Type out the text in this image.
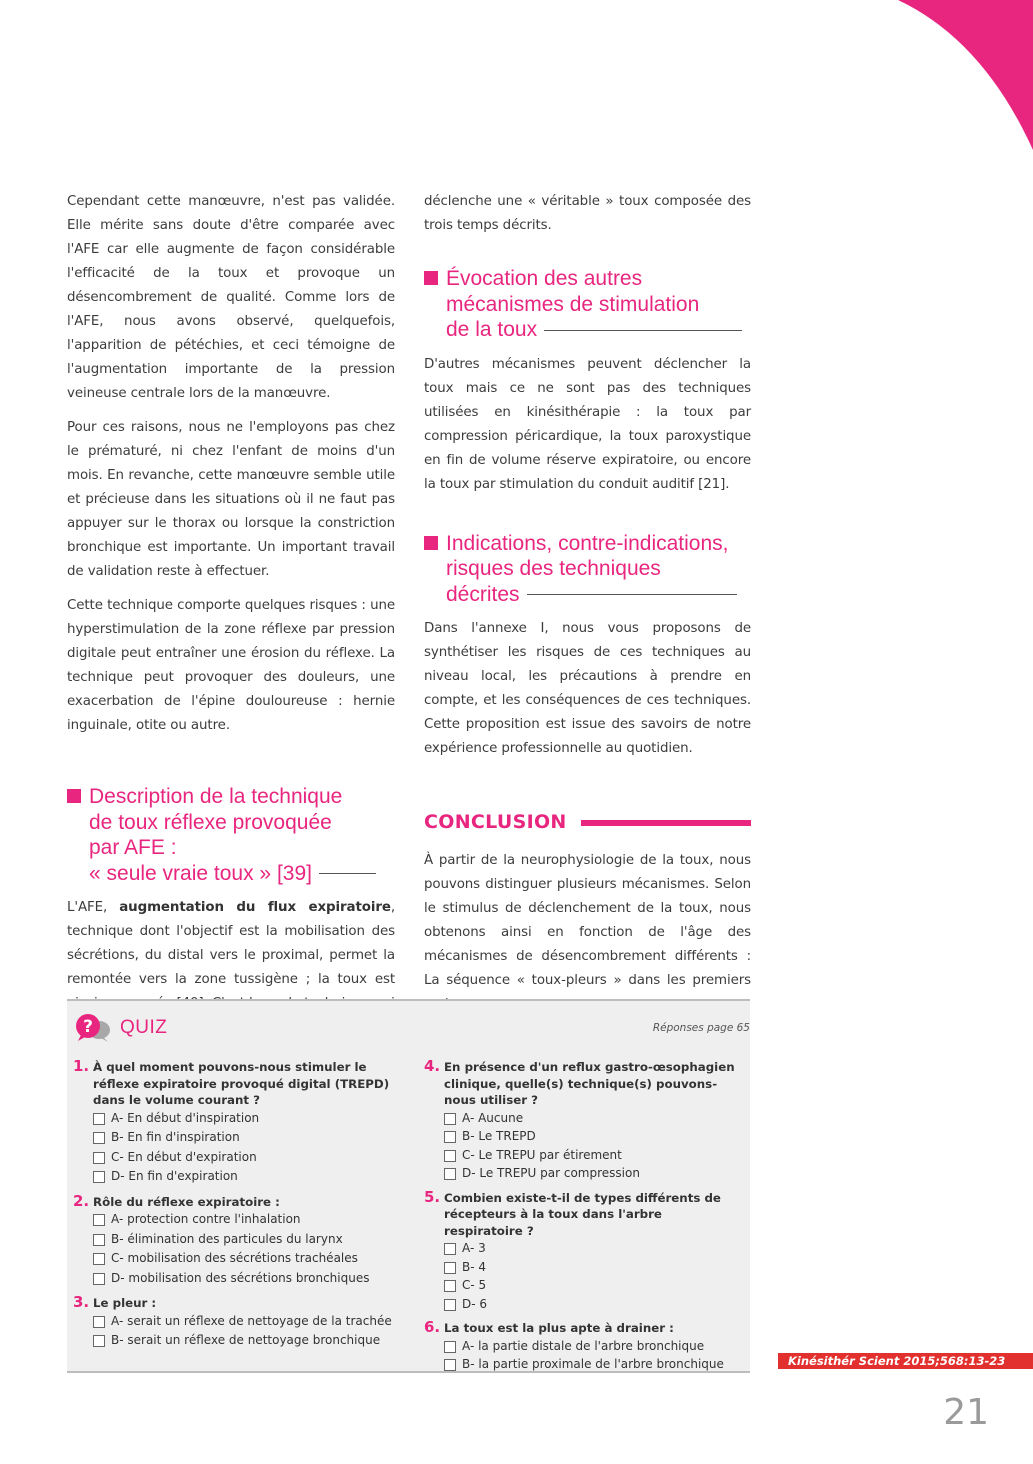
Cependant cette manœuvre, n'est pas validée. Elle mérite sans doute d'être comparée avec l'AFE car elle augmente de façon considérable l'efficacité de la toux et provoque un désencombrement de qualité. Comme lors de l'AFE, nous avons observé, quelquefois, l'apparition de pétéchies, et ceci témoigne de l'augmentation importante de la pression veineuse centrale lors de la manœuvre.

Pour ces raisons, nous ne l'employons pas chez le prématuré, ni chez l'enfant de moins d'un mois. En revanche, cette manœuvre semble utile et précieuse dans les situations où il ne faut pas appuyer sur le thorax ou lorsque la constriction bronchique est importante. Un important travail de validation reste à effectuer.

Cette technique comporte quelques risques : une hyperstimulation de la zone réflexe par pression digitale peut entraîner une érosion du réflexe. La technique peut provoquer des douleurs, une exacerbation de l'épine douloureuse : hernie inguinale, otite ou autre.

Description de la technique
de toux réflexe provoquée
par AFE :
« seule vraie toux » [39]

L'AFE, augmentation du flux expiratoire, technique dont l'objectif est la mobilisation des sécrétions, du distal vers le proximal, permet la remontée vers la zone tussigène ; la toux est

déclenche une « véritable » toux composée des trois temps décrits.

Évocation des autres
mécanismes de stimulation
de la toux

D'autres mécanismes peuvent déclencher la toux mais ce ne sont pas des techniques utilisées en kinésithérapie : la toux par compression péricardique, la toux paroxystique en fin de volume réserve expiratoire, ou encore la toux par stimulation du conduit auditif [21].

Indications, contre-indications,
risques des techniques
décrites

Dans l'annexe I, nous vous proposons de synthétiser les risques de ces techniques au niveau local, les précautions à prendre en compte, et les conséquences de ces techniques. Cette proposition est issue des savoirs de notre expérience professionnelle au quotidien.

CONCLUSION

À partir de la neurophysiologie de la toux, nous pouvons distinguer plusieurs mécanismes. Selon le stimulus de déclenchement de la toux, nous obtenons ainsi en fonction de l'âge des mécanismes de désencombrement différents : La séquence « toux-pleurs » dans les premiers

? QUIZ	Réponses page 65
1. À quel moment pouvons-nous stimuler le réflexe expiratoire provoqué digital (TREPD) dans le volume courant ?
A- En début d'inspiration
B- En fin d'inspiration
C- En début d'expiration
D- En fin d'expiration
2. Rôle du réflexe expiratoire :
A- protection contre l'inhalation
B- élimination des particules du larynx
C- mobilisation des sécrétions trachéales
D- mobilisation des sécrétions bronchiques
3. Le pleur :
A- serait un réflexe de nettoyage de la trachée
B- serait un réflexe de nettoyage bronchique
4. En présence d'un reflux gastro-œsophagien clinique, quelle(s) technique(s) pouvons-nous utiliser ?
A- Aucune
B- Le TREPD
C- Le TREPU par étirement
D- Le TREPU par compression
5. Combien existe-t-il de types différents de récepteurs à la toux dans l'arbre respiratoire ?
A- 3
B- 4
C- 5
D- 6
6. La toux est la plus apte à drainer :
A- la partie distale de l'arbre bronchique
B- la partie proximale de l'arbre bronchique	Kinésithér Scient 2015;568:13-23
21
